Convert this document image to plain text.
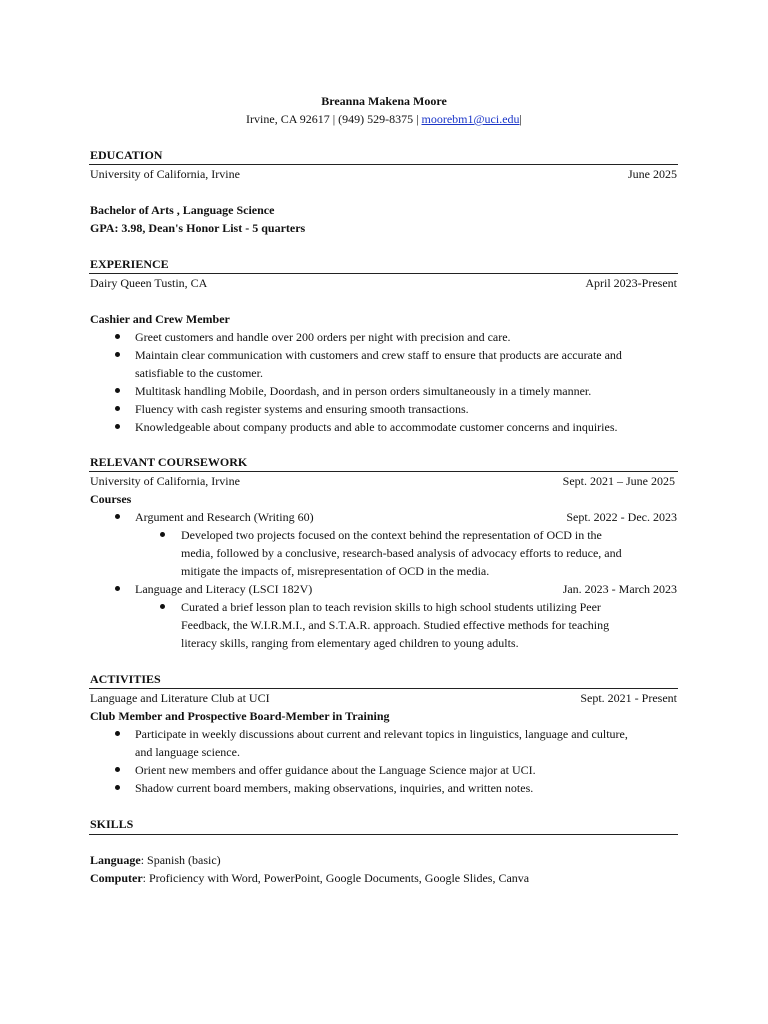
Breanna Makena Moore
Irvine, CA 92617 | (949) 529-8375 | moorebm1@uci.edu|
EDUCATION
University of California, Irvine	June 2025
Bachelor of Arts , Language Science
GPA: 3.98, Dean's Honor List - 5 quarters
EXPERIENCE
Dairy Queen Tustin, CA	April 2023-Present
Cashier and Crew Member
Greet customers and handle over 200 orders per night with precision and care.
Maintain clear communication with customers and crew staff to ensure that products are accurate and
satisfiable to the customer.
Multitask handling Mobile, Doordash, and in person orders simultaneously in a timely manner.
Fluency with cash register systems and ensuring smooth transactions.
Knowledgeable about company products and able to accommodate customer concerns and inquiries.
RELEVANT COURSEWORK
University of California, Irvine	Sept. 2021 – June 2025
Courses
Argument and Research (Writing 60)	Sept. 2022 - Dec. 2023
Developed two projects focused on the context behind the representation of OCD in the
media, followed by a conclusive, research-based analysis of advocacy efforts to reduce, and
mitigate the impacts of, misrepresentation of OCD in the media.
Language and Literacy (LSCI 182V)	Jan. 2023 - March 2023
Curated a brief lesson plan to teach revision skills to high school students utilizing Peer
Feedback, the W.I.R.M.I., and S.T.A.R. approach. Studied effective methods for teaching
literacy skills, ranging from elementary aged children to young adults.
ACTIVITIES
Language and Literature Club at UCI	Sept. 2021 - Present
Club Member and Prospective Board-Member in Training
Participate in weekly discussions about current and relevant topics in linguistics, language and culture,
and language science.
Orient new members and offer guidance about the Language Science major at UCI.
Shadow current board members, making observations, inquiries, and written notes.
SKILLS
Language: Spanish (basic)
Computer: Proficiency with Word, PowerPoint, Google Documents, Google Slides, Canva
